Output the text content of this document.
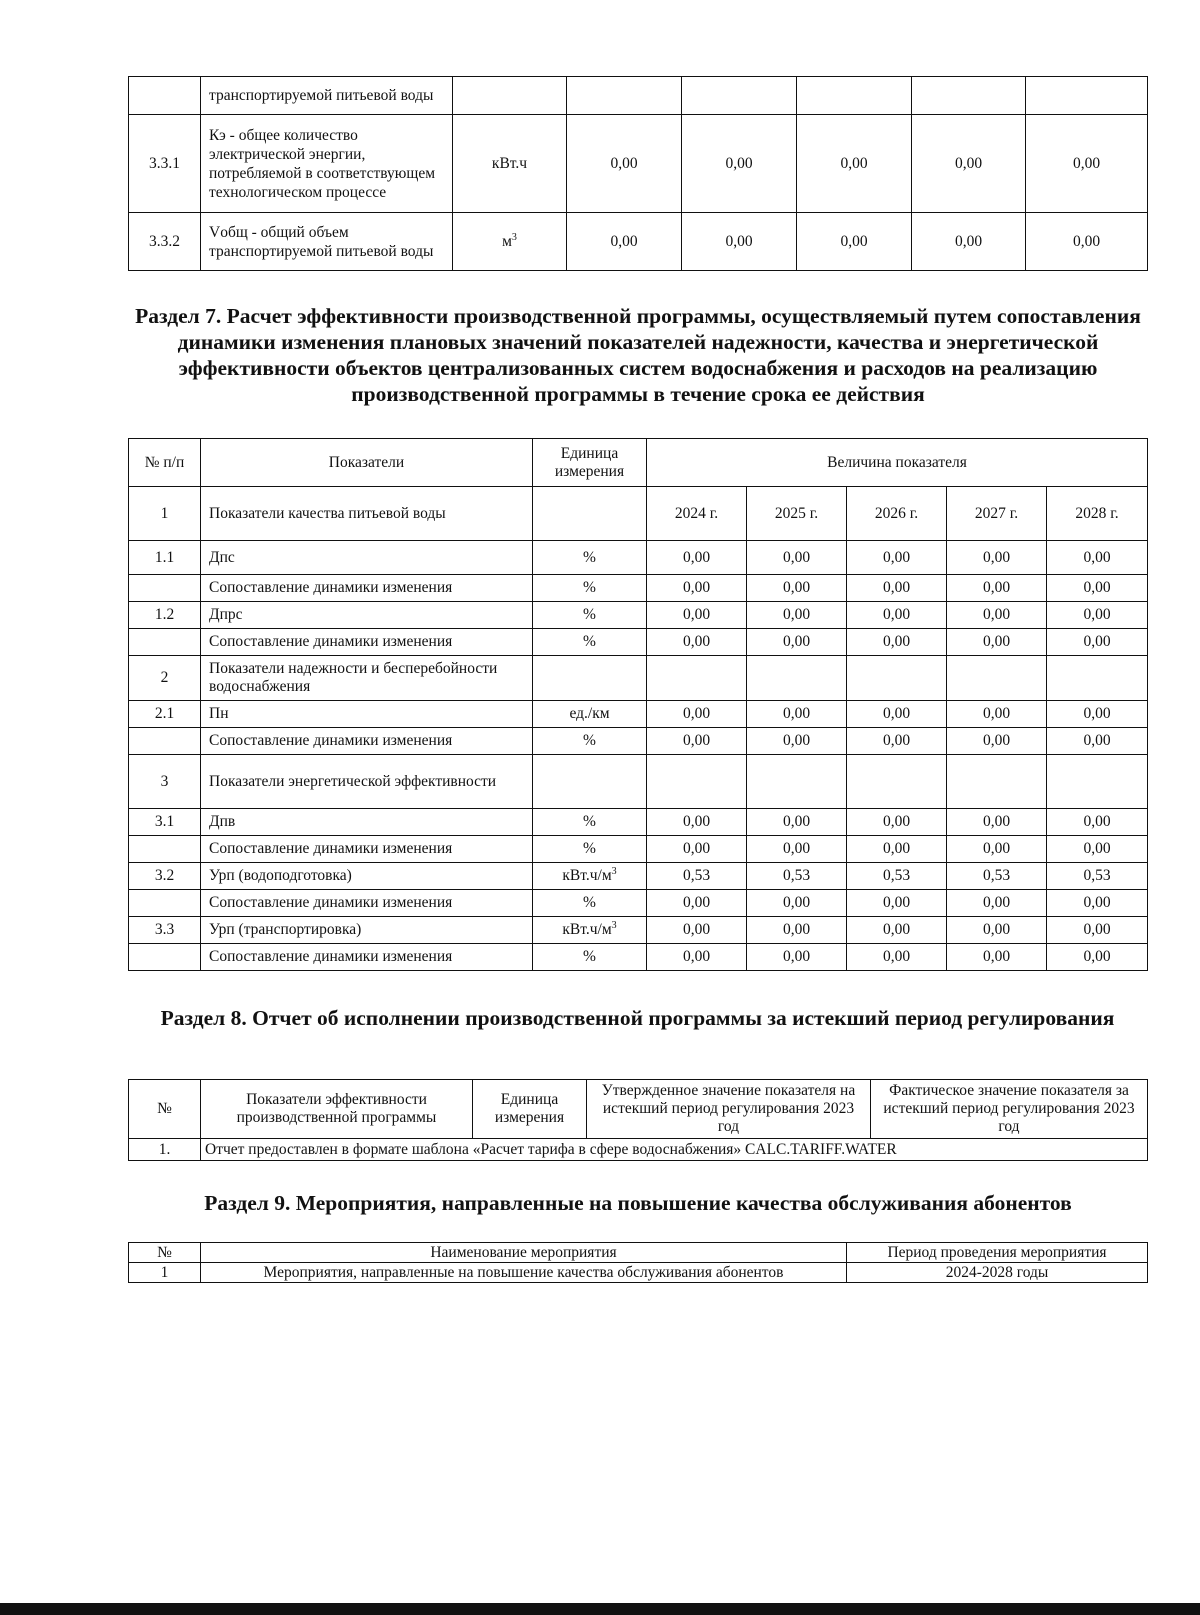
	транспортируемой питьевой воды						
3.3.1	Кэ - общее количество электрической энергии, потребляемой в соответствующем технологическом процессе	кВт.ч	0,00	0,00	0,00	0,00	0,00
3.3.2	Vобщ - общий объем транспортируемой питьевой воды	$м^3$	0,00	0,00	0,00	0,00	0,00
Раздел 7. Расчет эффективности производственной программы, осуществляемый путем сопоставления динамики изменения плановых значений показателей надежности, качества и энергетической эффективности объектов централизованных систем водоснабжения и расходов на реализацию производственной программы в течение срока ее действия
№ п/п	Показатели	Единица измерения	Величина показателя				
1	Показатели качества питьевой воды		2024 г.	2025 г.	2026 г.	2027 г.	2028 г.
1.1	Дпс	%	0,00	0,00	0,00	0,00	0,00
	Сопоставление динамики изменения	%	0,00	0,00	0,00	0,00	0,00
1.2	Дпрс	%	0,00	0,00	0,00	0,00	0,00
	Сопоставление динамики изменения	%	0,00	0,00	0,00	0,00	0,00
2	Показатели надежности и бесперебойности водоснабжения						
2.1	Пн	ед./км	0,00	0,00	0,00	0,00	0,00
	Сопоставление динамики изменения	%	0,00	0,00	0,00	0,00	0,00
3	Показатели энергетической эффективности						
3.1	Дпв	%	0,00	0,00	0,00	0,00	0,00
	Сопоставление динамики изменения	%	0,00	0,00	0,00	0,00	0,00
3.2	Урп (водоподготовка)	$кВт.ч/м^3$	0,53	0,53	0,53	0,53	0,53
	Сопоставление динамики изменения	%	0,00	0,00	0,00	0,00	0,00
3.3	Урп (транспортировка)	$кВт.ч/м^3$	0,00	0,00	0,00	0,00	0,00
	Сопоставление динамики изменения	%	0,00	0,00	0,00	0,00	0,00
Раздел 8. Отчет об исполнении производственной программы за истекший период регулирования
№	Показатели эффективности производственной программы	Единица измерения	Утвержденное значение показателя на истекший период регулирования 2023 год	Фактическое значение показателя за истекший период регулирования 2023 год
1.	Отчет предоставлен в формате шаблона «Расчет тарифа в сфере водоснабжения» CALC.TARIFF.WATER			
Раздел 9. Мероприятия, направленные на повышение качества обслуживания абонентов
№	Наименование мероприятия	Период проведения мероприятия
1	Мероприятия, направленные на повышение качества обслуживания абонентов	2024-2028 годы
